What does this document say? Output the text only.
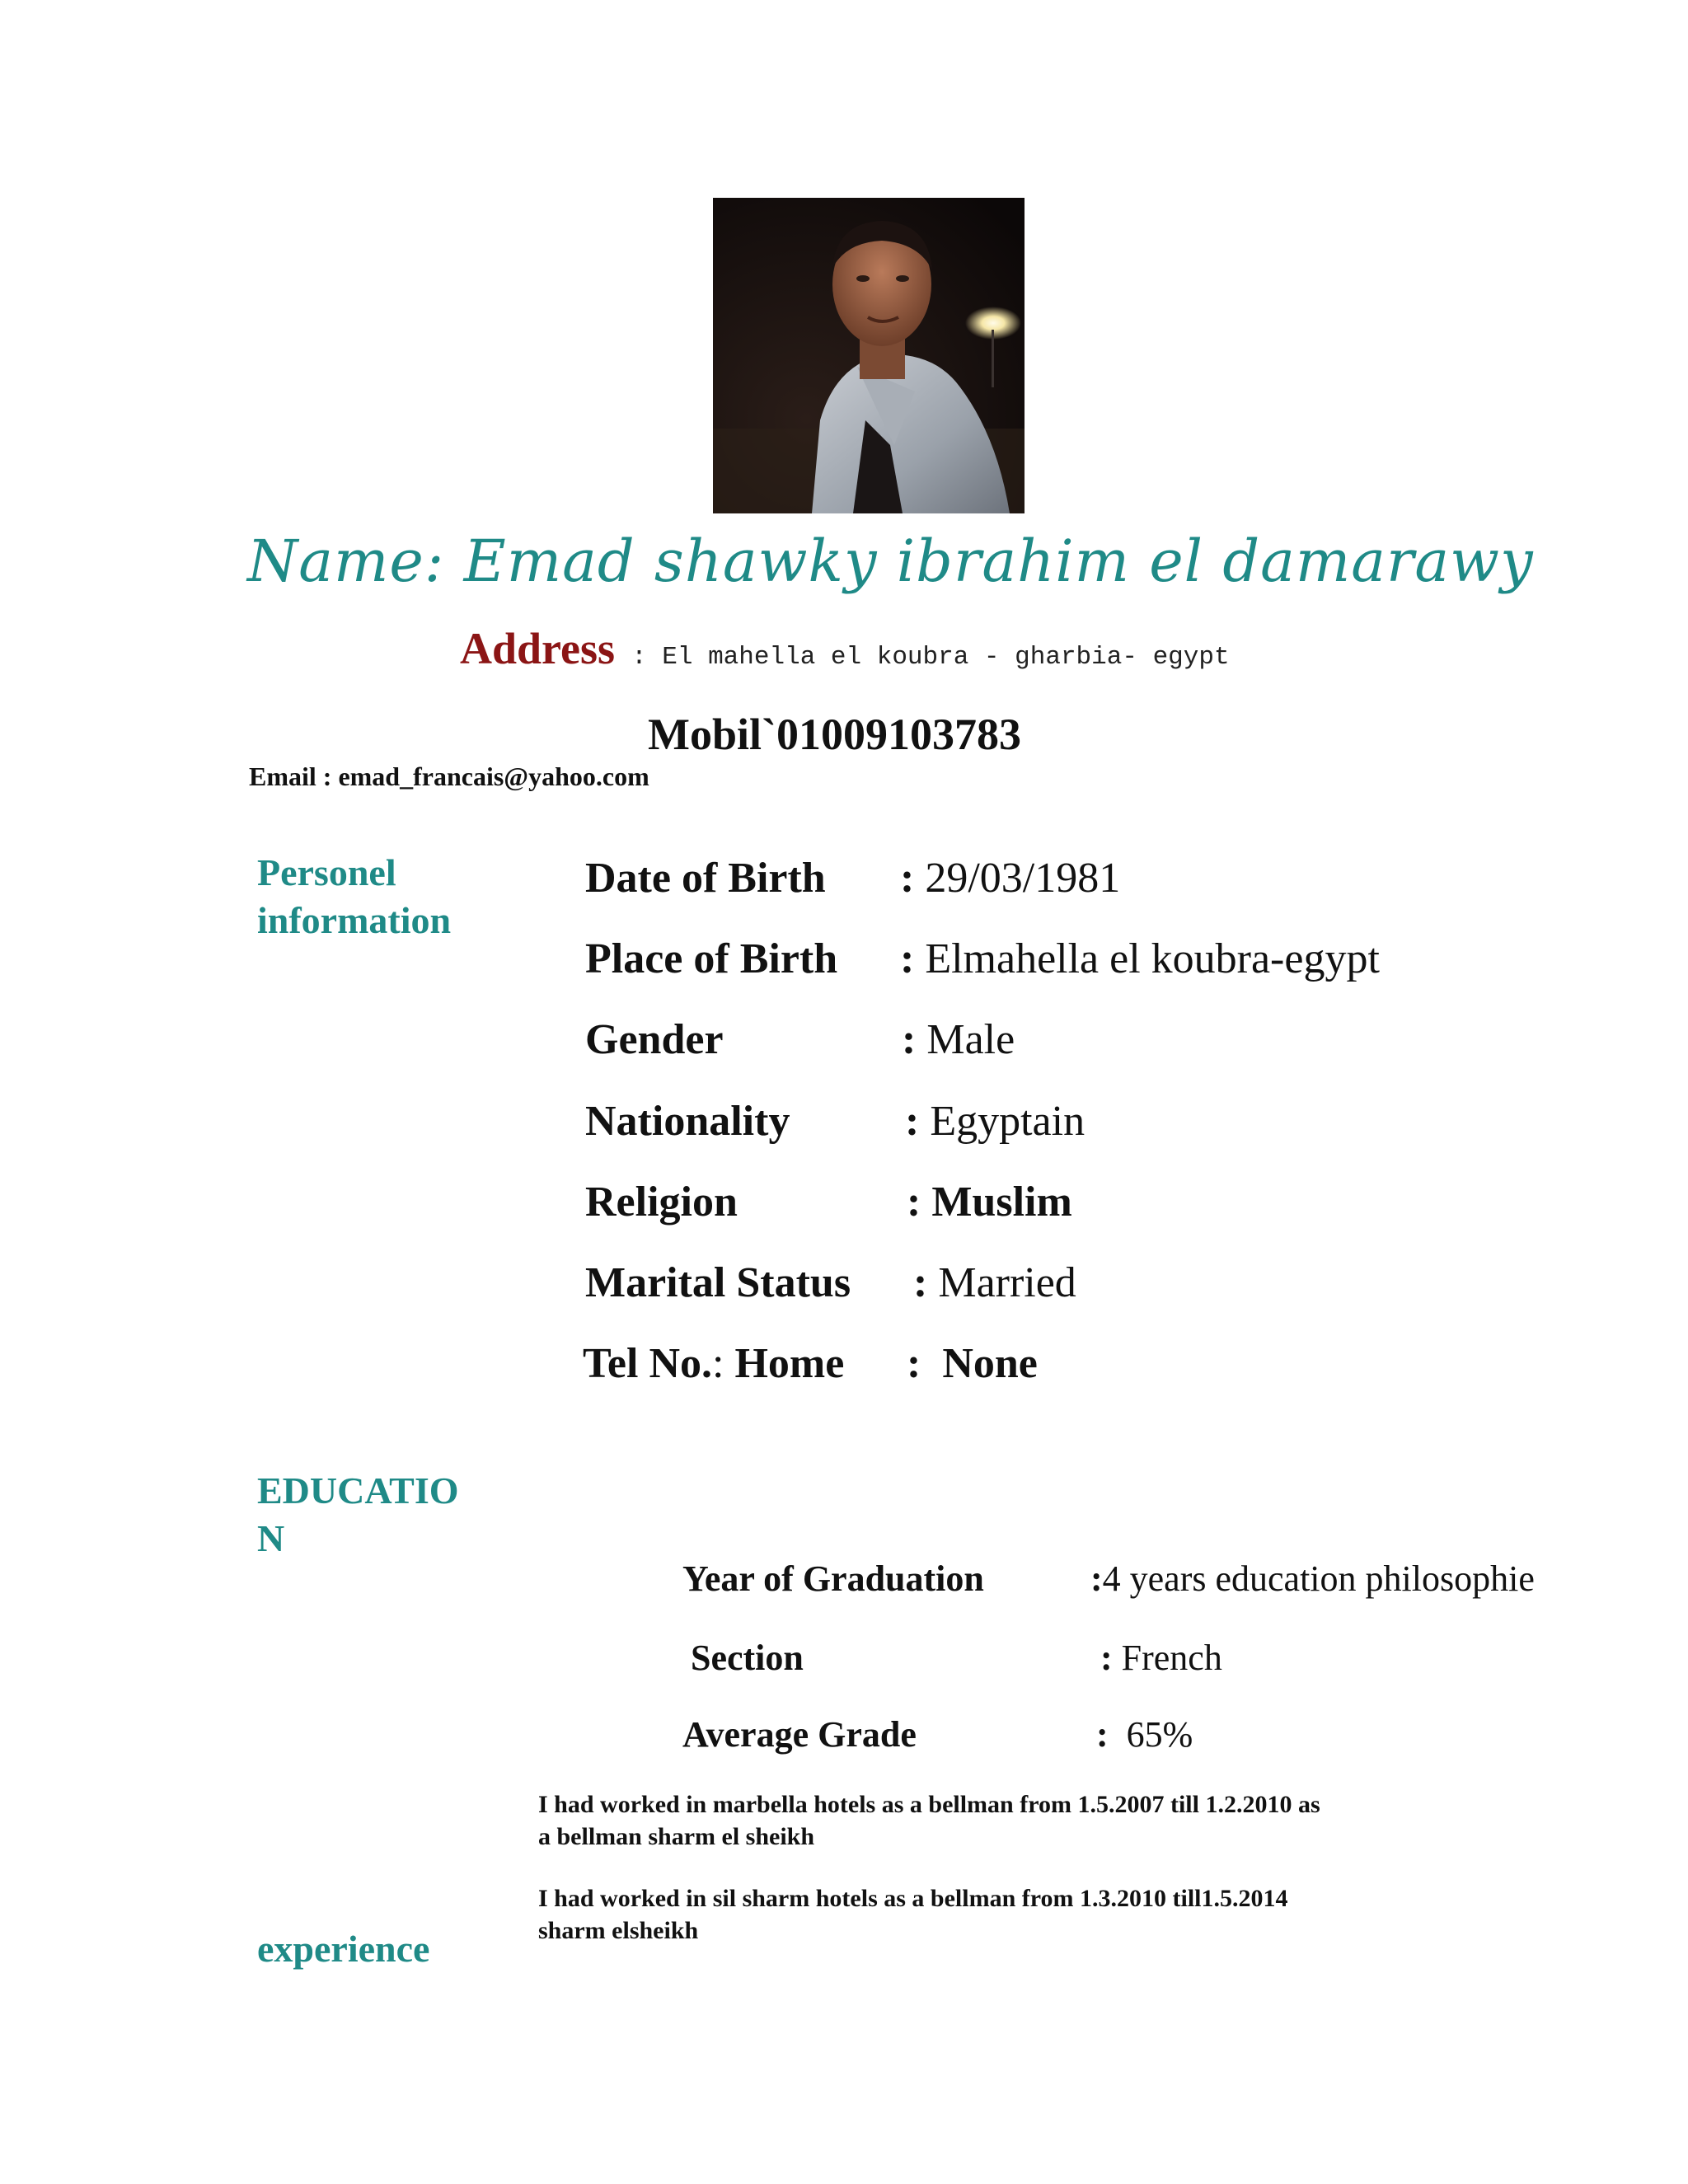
Name: Emad shawky ibrahim el damarawy
Address : El mahella el koubra - gharbia- egypt
Mobil`01009103783
Email : emad_francais@yahoo.com
Personel
information
Date of Birth : 29/03/1981
Place of Birth : Elmahella el koubra-egypt
Gender	: Male
Nationality	: Egyptain
Religion	: Muslim
Marital Status : Married
Tel No.: Home : None
EDUCATIO
N
Year of Graduation	:4 years education philosophie
Section	: French
Average Grade	: 65%
I had worked in marbella hotels as a bellman from 1.5.2007 till 1.2.2010 as
a bellman sharm el sheikh
I had worked in sil sharm hotels as a bellman from 1.3.2010 till1.5.2014
sharm elsheikh
experience
